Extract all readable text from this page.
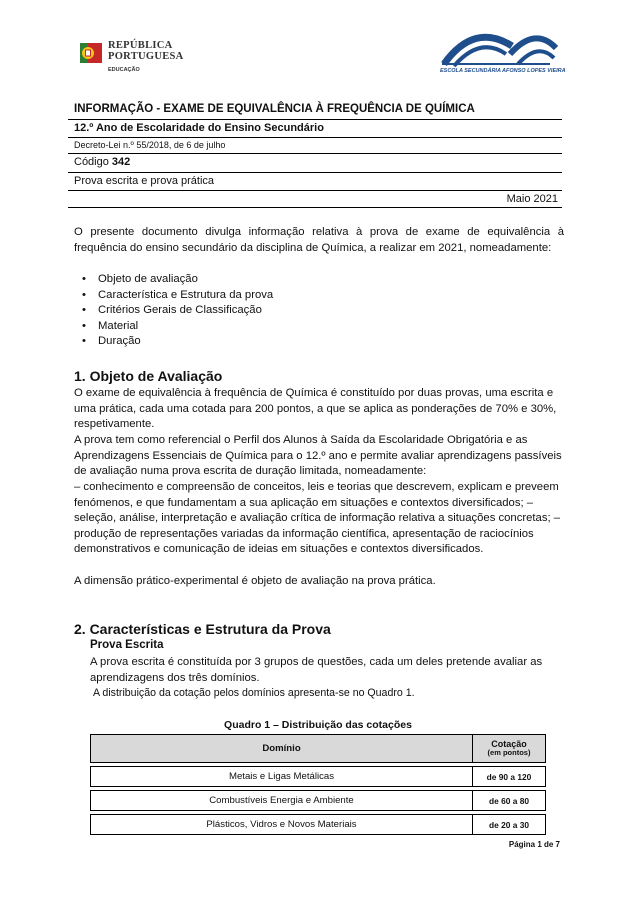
REPÚBLICA
PORTUGUESA
EDUCAÇÃO	ESCOLA SECUNDÁRIA AFONSO LOPES VIEIRA
INFORMAÇÃO - EXAME DE EQUIVALÊNCIA À FREQUÊNCIA DE QUÍMICA
12.º Ano de Escolaridade do Ensino Secundário
Decreto-Lei n.º 55/2018, de 6 de julho
Código 342
Prova escrita e prova prática
Maio 2021
O presente documento divulga informação relativa à prova de exame de equivalência à frequência do ensino secundário da disciplina de Química, a realizar em 2021, nomeadamente:
• Objeto de avaliação
• Característica e Estrutura da prova
• Critérios Gerais de Classificação
• Material
• Duração
1. Objeto de Avaliação
O exame de equivalência à frequência de Química é constituído por duas provas, uma escrita e uma prática, cada uma cotada para 200 pontos, a que se aplica as ponderações de 70% e 30%, respetivamente.
A prova tem como referencial o Perfil dos Alunos à Saída da Escolaridade Obrigatória e as Aprendizagens Essenciais de Química para o 12.º ano e permite avaliar aprendizagens passíveis de avaliação numa prova escrita de duração limitada, nomeadamente:
– conhecimento e compreensão de conceitos, leis e teorias que descrevem, explicam e preveem fenómenos, e que fundamentam a sua aplicação em situações e contextos diversificados; – seleção, análise, interpretação e avaliação crítica de informação relativa a situações concretas; – produção de representações variadas da informação científica, apresentação de raciocínios demonstrativos e comunicação de ideias em situações e contextos diversificados.
A dimensão prático-experimental é objeto de avaliação na prova prática.
2. Características e Estrutura da Prova
Prova Escrita
A prova escrita é constituída por 3 grupos de questões, cada um deles pretende avaliar as aprendizagens dos três domínios.
A distribuição da cotação pelos domínios apresenta-se no Quadro 1.
Quadro 1 – Distribuição das cotações
Domínio	Cotação
(em pontos)

Metais e Ligas Metálicas	de 90 a 120

Combustíveis Energia e Ambiente	de 60 a 80

Plásticos, Vidros e Novos Materiais	de 20 a 30
Página 1 de 7
